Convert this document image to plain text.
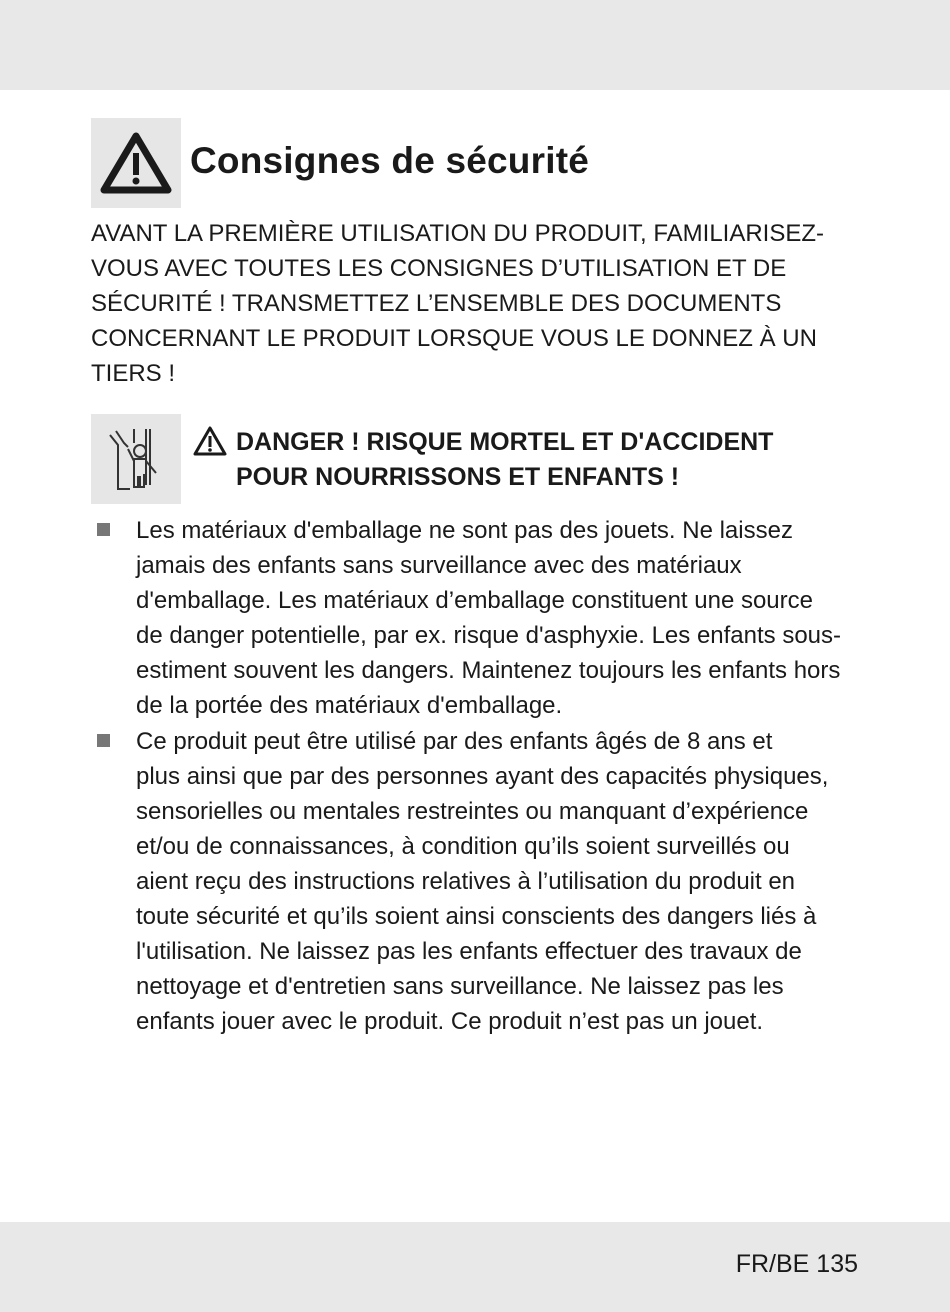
Consignes de sécurité
AVANT LA PREMIÈRE UTILISATION DU PRODUIT, FAMILIARISEZ-
VOUS AVEC TOUTES LES CONSIGNES D’UTILISATION ET DE
SÉCURITÉ ! TRANSMETTEZ L’ENSEMBLE DES DOCUMENTS
CONCERNANT LE PRODUIT LORSQUE VOUS LE DONNEZ À UN
TIERS !
DANGER ! RISQUE MORTEL ET D'ACCIDENT
POUR NOURRISSONS ET ENFANTS !
Les matériaux d'emballage ne sont pas des jouets. Ne laissez
jamais des enfants sans surveillance avec des matériaux
d'emballage. Les matériaux d’emballage constituent une source
de danger potentielle, par ex. risque d'asphyxie. Les enfants sous-
estiment souvent les dangers. Maintenez toujours les enfants hors
de la portée des matériaux d'emballage.
Ce produit peut être utilisé par des enfants âgés de 8 ans et
plus ainsi que par des personnes ayant des capacités physiques,
sensorielles ou mentales restreintes ou manquant d’expérience
et/ou de connaissances, à condition qu’ils soient surveillés ou
aient reçu des instructions relatives à l’utilisation du produit en
toute sécurité et qu’ils soient ainsi conscients des dangers liés à
l'utilisation. Ne laissez pas les enfants effectuer des travaux de
nettoyage et d'entretien sans surveillance. Ne laissez pas les
enfants jouer avec le produit. Ce produit n’est pas un jouet.
FR/BE 135
